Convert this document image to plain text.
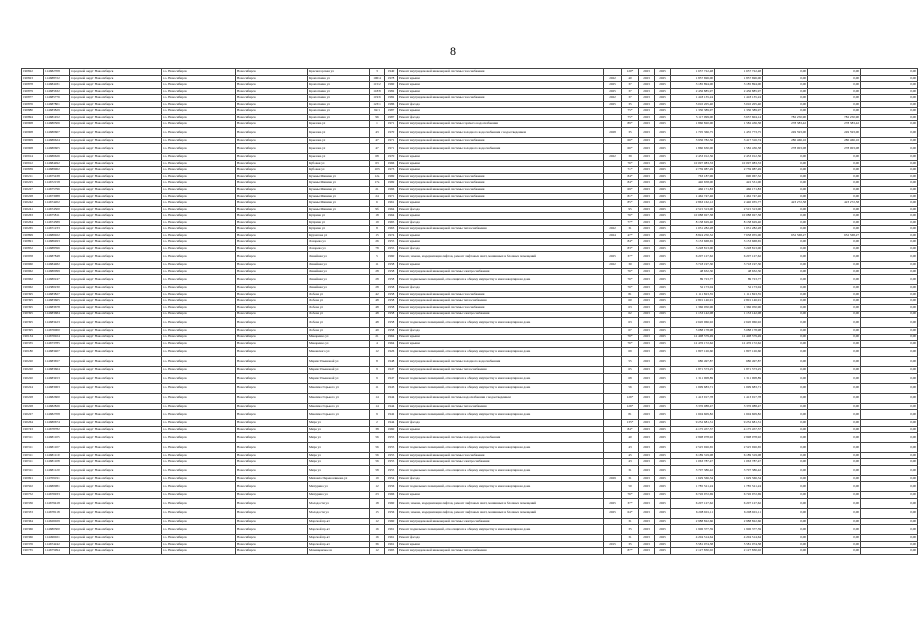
8
190822	114682708	городской округ Новосибирск	г.о. Новосибирск	Новосибирск	Красногорская ул	3	1940	Ремонт внутридомовой инженерной системы газоснабжения		120*	2023	2025	1 657 722,48	1 657 722,48	0,00	0,00	0,00
190823	114688722	городской округ Новосибирск	г.о. Новосибирск	Новосибирск	Кропоткина ул	106/4	1978	Ремонт крыши	2022	40	2023	2025	1 857 696,00	1 857 696,00	0,00	0,00	0,00
190878	114684181	городской округ Новосибирск	г.о. Новосибирск	Новосибирск	Кропоткина ул	115/2	1960	Ремонт крыши	2025	37	2023	2025	3 185 894,00	3 185 894,00	0,00	0,00	0,00
190879	114685632	городской округ Новосибирск	г.о. Новосибирск	Новосибирск	Кропоткина ул	118/8	1982	Ремонт крыши	2025	37	2023	2025	2 456 885,97	2 456 885,97	0,00	0,00	0,00
190877	114685776	городской округ Новосибирск	г.о. Новосибирск	Новосибирск	Кропоткина ул	119/6	1982	Ремонт внутридомовой инженерной системы газоснабжения	2022	37	2023	2025	1 418 135,24	1 418 135,24	0,00	0,00	0,00
190876	114687801	городской округ Новосибирск	г.о. Новосибирск	Новосибирск	Кропоткина ул	123/1	1986	Ремонт фасада	2025	35	2023	2025	5 010 205,40	5 010 205,40	0,00	0,00	0,00
190880	114683829	городской округ Новосибирск	г.о. Новосибирск	Новосибирск	Кропоткина ул	92/1	1987	Ремонт крыши		75*	2023	2025	1 330 389,97	1 330 389,97	0,00	0,00	0,00
190894	114681452	городской округ Новосибирск	г.о. Новосибирск	Новосибирск	Кропоткина ул	96	1987	Ремонт фасада		75*	2023	2025	5 117 099,00	3 657 604,14	782 250,90	782 250,90	0,00
190908	114680506	городской округ Новосибирск	г.о. Новосибирск	Новосибирск	Крылова ул	1	1971	Ремонт внутридомовой инженерной системы горячего водоснабжения		89*	2023	2025	1 860 820,00	1 582 436,58	278 383,42	278 383,42	0,00
190908	114680607	городской округ Новосибирск	г.о. Новосибирск	Новосибирск	Крылова ул	43	1970	Ремонт внутридомовой инженерной системы холодного водоснабжения с водоотведением	2028	35	2023	2025	1 705 366,75	1 455 773,75	249 593,00	249 593,00	0,00
190909	114686624	городской округ Новосибирск	г.о. Новосибирск	Новосибирск	Крылова ул	47	1971	Ремонт внутридомовой инженерной системы газоснабжения		66*	2023	2025	3 936 782,56	3 417 316,74	280 466,16	280 466,16	0,00
190908	114680605	городской округ Новосибирск	г.о. Новосибирск	Новосибирск	Крылова ул	47	1971	Ремонт внутридомовой инженерной системы холодного водоснабжения		66*	2023	2025	1 860 630,00	1 582 436,58	278 003,08	278 003,08	0,00
190914	114686626	городской округ Новосибирск	г.о. Новосибирск	Новосибирск	Крылова ул	68	1970	Ремонт крыши	2022	39	2023	2025	2 453 012,56	2 453 012,56	0,00	0,00	0,00
190912	114684492	городской округ Новосибирск	г.о. Новосибирск	Новосибирск	Кубовая ул	63	1966	Ремонт крыши		76*	2023	2025	10 097 083,33	10 097 083,33	0,00	0,00	0,00
190839	114689962	городской округ Новосибирск	г.о. Новосибирск	Новосибирск	Кубовая ул	103	1973	Ремонт крыши		71*	2023	2025	2 759 087,49	2 759 087,49	0,00	0,00	0,00
190211	114675438	городской округ Новосибирск	г.о. Новосибирск	Новосибирск	Кузьмы Минина ул	12а	1969	Ремонт внутридомовой инженерной системы газоснабжения		84*	2023	2025	763 187,96	690 067,32	0,00	0,00	0,00
190225	114672158	городской округ Новосибирск	г.о. Новосибирск	Новосибирск	Кузьмы Минина ул	17а	1969	Ремонт внутридомовой инженерной системы газоснабжения		84*	2023	2025	440 658,00	422 531,00	0,00	0,00	0,00
190227	114675796	городской округ Новосибирск	г.о. Новосибирск	Новосибирск	Кузьмы Минина ул	21	1966	Ремонт внутридомовой инженерной системы газоснабжения		69*	2023	2025	466 171,83	466 171,83	0,00	0,00	0,00
190228	114673088	городской округ Новосибирск	г.о. Новосибирск	Новосибирск	Кузьмы Минина ул	24	1971	Ремонт внутридомовой инженерной системы газоснабжения		81*	2023	2025	1 462 747,46	1 462 747,46	0,00	0,00	0,00
190242	114674202	городской округ Новосибирск	г.о. Новосибирск	Новосибирск	Кузьмы Минина ул	6	1961	Ремонт крыши		85*	2023	2025	2 863 162,12	2 440 035,77	423 272,58	423 272,58	0,00
190241	114674500	городской округ Новосибирск	г.о. Новосибирск	Новосибирск	Кузьмы Минина ул	9б	1964	Ремонт фасада		95	2023	2025	2 515 313,00	2 515 313,00	0,00	0,00	0,00
190263	114675811	городской округ Новосибирск	г.о. Новосибирск	Новосибирск	Куприна ул	18	1964	Ремонт крыши		76*	2023	2025	10 088 927,58	10 088 927,58	0,00	0,00	0,00
190264	114674589	городской округ Новосибирск	г.о. Новосибирск	Новосибирск	Куприна ул	19	1965	Ремонт фасада		77*	2023	2025	8 138 629,40	8 138 629,40	0,00	0,00	0,00
190265	114671233	городской округ Новосибирск	г.о. Новосибирск	Новосибирск	Куприна ул	8	1963	Ремонт внутридомовой инженерной системы теплоснабжения	2022	31	2023	2025	1 031 282,28	1 031 282,28	0,00	0,00	0,00
190899	114686922	городской округ Новосибирск	г.о. Новосибирск	Новосибирск	Курчатова ул	15	1974	Ремонт крыши	2024	47*	2023	2025	8 824 250,52	7 658 055,00	652 568,27	652 568,27	0,00
190891	114686493	городской округ Новосибирск	г.о. Новосибирск	Новосибирск	Лазарева ул	26	1955	Ремонт крыши		84*	2023	2025	3 153 668,65	3 153 668,65	0,00	0,00	0,00
190852	114688396	городской округ Новосибирск	г.о. Новосибирск	Новосибирск	Лазарева ул	78	1955	Ремонт фасада		83*	2023	2025	3 228 813,00	3 228 813,00	0,00	0,00	0,00
190958	114687848	городской округ Новосибирск	г.о. Новосибирск	Новосибирск	Линейная ул	5	1960	Ремонт, замена, модернизация лифтов, ремонт лифтовых шахт, машинных и блочных помещений	2025	37*	2023	2025	6 207 127,62	6 207 127,62	0,00	0,00	0,00
190960	114684482	городской округ Новосибирск	г.о. Новосибирск	Новосибирск	Линейная ул	11	1958	Ремонт крыши	2022	30	2023	2025	3 718 197,30	3 718 197,30	0,00	0,00	0,00
190962	114680099	городской округ Новосибирск	г.о. Новосибирск	Новосибирск	Линейная ул	28	1958	Ремонт внутридомовой инженерной системы электроснабжения		76*	2023	2025	48 632,30	48 632,30	0,00	0,00	0,00
190962	114680247	городской округ Новосибирск	г.о. Новосибирск	Новосибирск	Линейная ул	28	1958	Ремонт подвальных помещений, относящихся к общему имуществу в многоквартирном доме		76*	2023	2025	89 723,77	89 723,77	0,00	0,00	0,00
190962	114380230	городской округ Новосибирск	г.о. Новосибирск	Новосибирск	Линейная ул	28	1958	Ремонт фасада		76*	2023	2025	52 173,04	52 173,04	0,00	0,00	0,00
190395	114683827	городской округ Новосибирск	г.о. Новосибирск	Новосибирск	Лобова ул	42	1958	Ремонт внутридомовой инженерной системы газоснабжения		81	2023	2025	1 111 823,55	1 111 823,55	0,00	0,00	0,00
190395	114683665	городской округ Новосибирск	г.о. Новосибирск	Новосибирск	Лобова ул	48	1958	Ремонт внутридомовой инженерной системы теплоснабжения		60	2023	2025	2 801 146,91	2 801 146,91	0,00	0,00	0,00
190395	114683678	городской округ Новосибирск	г.о. Новосибирск	Новосибирск	Лобова ул	48	1958	Ремонт внутридомовой инженерной системы газоснабжения		63	2023	2025	1 366 050,96	1 366 050,96	0,00	0,00	0,00
190395	114683684	городской округ Новосибирск	г.о. Новосибирск	Новосибирск	Лобова ул	48	1958	Ремонт внутридомовой инженерной системы электроснабжения		62	2023	2025	1 153 142,08	1 153 142,08	0,00	0,00	0,00
190395	114683423	городской округ Новосибирск	г.о. Новосибирск	Новосибирск	Лобова ул	48	1958	Ремонт подвальных помещений, относящихся к общему имуществу в многоквартирном доме		63	2023	2025	2 620 966,92	2 620 966,92	0,00	0,00	0,00
190395	114676000	городской округ Новосибирск	г.о. Новосибирск	Новосибирск	Лобова ул	49	1958	Ремонт фасада		67	2023	2025	5 088 178,98	5 088 178,98	0,00	0,00	0,00
190134	114676924	городской округ Новосибирск	г.о. Новосибирск	Новосибирск	Макаренко ул	21	1964	Ремонт крыши		76*	2023	2025	12 408 579,49	12 408 579,49	0,00	0,00	0,00
190335	114673785	городской округ Новосибирск	г.о. Новосибирск	Новосибирск	Макаренко ул	4	1964	Ремонт крыши		76*	2023	2025	12 476 172,62	12 476 172,62	0,00	0,00	0,00
190180	114683407	городской округ Новосибирск	г.о. Новосибирск	Новосибирск	Маковского ул	12	1926	Ремонт подвальных помещений, относящихся к общему имуществу в многоквартирном доме		69	2023	2025	1 807 126,60	1 807 126,60	0,00	0,00	0,00
190220	114683657	городской округ Новосибирск	г.о. Новосибирск	Новосибирск	Марии Ульяновой ул	8	1948	Ремонт внутридомовой инженерной системы холодного водоснабжения		55	2023	2025	680 497,87	680 497,87	0,00	0,00	0,00
190220	114683664	городской округ Новосибирск	г.о. Новосибирск	Новосибирск	Марии Ульяновой ул	9	1947	Ремонт внутридомовой инженерной системы теплоснабжения		65	2023	2025	1 871 573,25	1 871 573,25	0,00	0,00	0,00
190220	114683453	городской округ Новосибирск	г.о. Новосибирск	Новосибирск	Марии Ульяновой ул	9	1947	Ремонт подвальных помещений, относящихся к общему имуществу в многоквартирном доме		68	2023	2025	1 311 908,89	1 311 908,89	0,00	0,00	0,00
190224	114683063	городской округ Новосибирск	г.о. Новосибирск	Новосибирск	Максима Горького ул	11	1943	Ремонт подвальных помещений, относящихся к общему имуществу в многоквартирном доме		56	2023	2025	1 699 683,71	1 699 683,71	0,00	0,00	0,00
190228	114682600	городской округ Новосибирск	г.о. Новосибирск	Новосибирск	Максима Горького ул	14	1944	Ремонт внутридомовой инженерной системы водоснабжения с водоотведением		126*	2023	2025	1 413 917,78	1 413 917,78	0,00	0,00	0,00
190228	114682826	городской округ Новосибирск	г.о. Новосибирск	Новосибирск	Максима Горького ул	14	1944	Ремонт внутридомовой инженерной системы теплоснабжения		126*	2023	2025	3 376 088,47	3 376 088,47	0,00	0,00	0,00
190227	114682708	городской округ Новосибирск	г.о. Новосибирск	Новосибирск	Максима Горького ул	9	1942	Ремонт подвальных помещений, относящихся к общему имуществу в многоквартирном доме		81	2023	2025	1 604 609,82	1 604 609,82	0,00	0,00	0,00
190264	114680674	городской округ Новосибирск	г.о. Новосибирск	Новосибирск	Мира ул	2	1944	Ремонт фасада		135*	2023	2025	9 252 681,31	9 252 681,31	0,00	0,00	0,00
190743	114678782	городской округ Новосибирск	г.о. Новосибирск	Новосибирск	Мира ул	38	1960	Ремонт крыши		84*	2023	2025	4 175 457,57	4 175 457,57	0,00	0,00	0,00
190311	114681105	городской округ Новосибирск	г.о. Новосибирск	Новосибирск	Мира ул	56	1955	Ремонт внутридомовой инженерной системы холодного водоснабжения		40	2023	2025	2 998 078,92	2 998 078,92	0,00	0,00	0,00
190311	114681107	городской округ Новосибирск	г.о. Новосибирск	Новосибирск	Мира ул	56	1955	Ремонт подвальных помещений, относящихся к общему имуществу в многоквартирном доме		43	2023	2025	2 525 926,65	2 525 926,65	0,00	0,00	0,00
190311	114681110	городской округ Новосибирск	г.о. Новосибирск	Новосибирск	Мира ул	56	1955	Ремонт внутридомовой инженерной системы газоснабжения		45	2023	2025	6 189 319,08	6 189 319,08	0,00	0,00	0,00
190311	114681108	городской округ Новосибирск	г.о. Новосибирск	Новосибирск	Мира ул	56	1955	Ремонт внутридомовой инженерной системы электроснабжения		43	2023	2025	1 063 787,47	1 063 787,47	0,00	0,00	0,00
190311	114681120	городской округ Новосибирск	г.о. Новосибирск	Новосибирск	Мира ул	58	1955	Ремонт подвальных помещений, относящихся к общему имуществу в многоквартирном доме		31	2023	2025	3 707 386,42	3 707 386,42	0,00	0,00	0,00
190991	114709191	городской округ Новосибирск	г.о. Новосибирск	Новосибирск	Михаила Перевозчикова ул	19	1954	Ремонт фасада	2029	31	2023	2025	1 629 566,34	1 629 566,34	0,00	0,00	0,00
190502	114680981	городской округ Новосибирск	г.о. Новосибирск	Новосибирск	Мичурина ул	12	1956	Ремонт подвальных помещений, относящихся к общему имуществу в многоквартирном доме		50	2023	2025	1 785 521,24	1 785 521,24	0,00	0,00	0,00
190752	114676933	городской округ Новосибирск	г.о. Новосибирск	Новосибирск	Мичурина ул	23	1966	Ремонт крыши		76*	2023	2025	6 726 972,69	6 726 972,69	0,00	0,00	0,00
190336	114679418	городской округ Новосибирск	г.о. Новосибирск	Новосибирск	Молодости ул	18	1960	Ремонт, замена, модернизация лифтов, ремонт лифтовых шахт, машинных и блочных помещений	2025	37*	2023	2025	6 207 127,62	6 207 127,62	0,00	0,00	0,00
190333	114678118	городской округ Новосибирск	г.о. Новосибирск	Новосибирск	Молодости ул	15	1956	Ремонт, замена, модернизация лифтов, ремонт лифтовых шахт, машинных и блочных помещений	2025	64*	2023	2025	6 208 601,11	6 208 601,11	0,00	0,00	0,00
190364	114626029	городской округ Новосибирск	г.о. Новосибирск	Новосибирск	Морской пр-кт	12	1960	Ремонт внутридомовой инженерной системы электроснабжения		31	2023	2025	2 988 822,66	2 988 822,66	0,00	0,00	0,00
190366	114680300	городской округ Новосибирск	г.о. Новосибирск	Новосибирск	Морской пр-кт	16	1961	Ремонт подвальных помещений, относящихся к общему имуществу в многоквартирном доме		35	2023	2025	1 906 377,59	1 906 377,59	0,00	0,00	0,00
190366	114496021	городской округ Новосибирск	г.о. Новосибирск	Новосибирск	Морской пр-кт	16	1961	Ремонт фасада		31	2023	2025	4 204 514,64	4 204 514,64	0,00	0,00	0,00
190376	114674242	городской округ Новосибирск	г.о. Новосибирск	Новосибирск	Морской пр-кт	36	1961	Ремонт крыши	2015	35	2023	2025	5 581 074,58	5 581 074,58	0,00	0,00	0,00
190735	114675994	городской округ Новосибирск	г.о. Новосибирск	Новосибирск	Мочищенское ш	12	1965	Ремонт внутридомовой инженерной системы теплоснабжения		87*	2023	2025	2 127 830,02	2 127 830,02	0,00	0,00	0,00
